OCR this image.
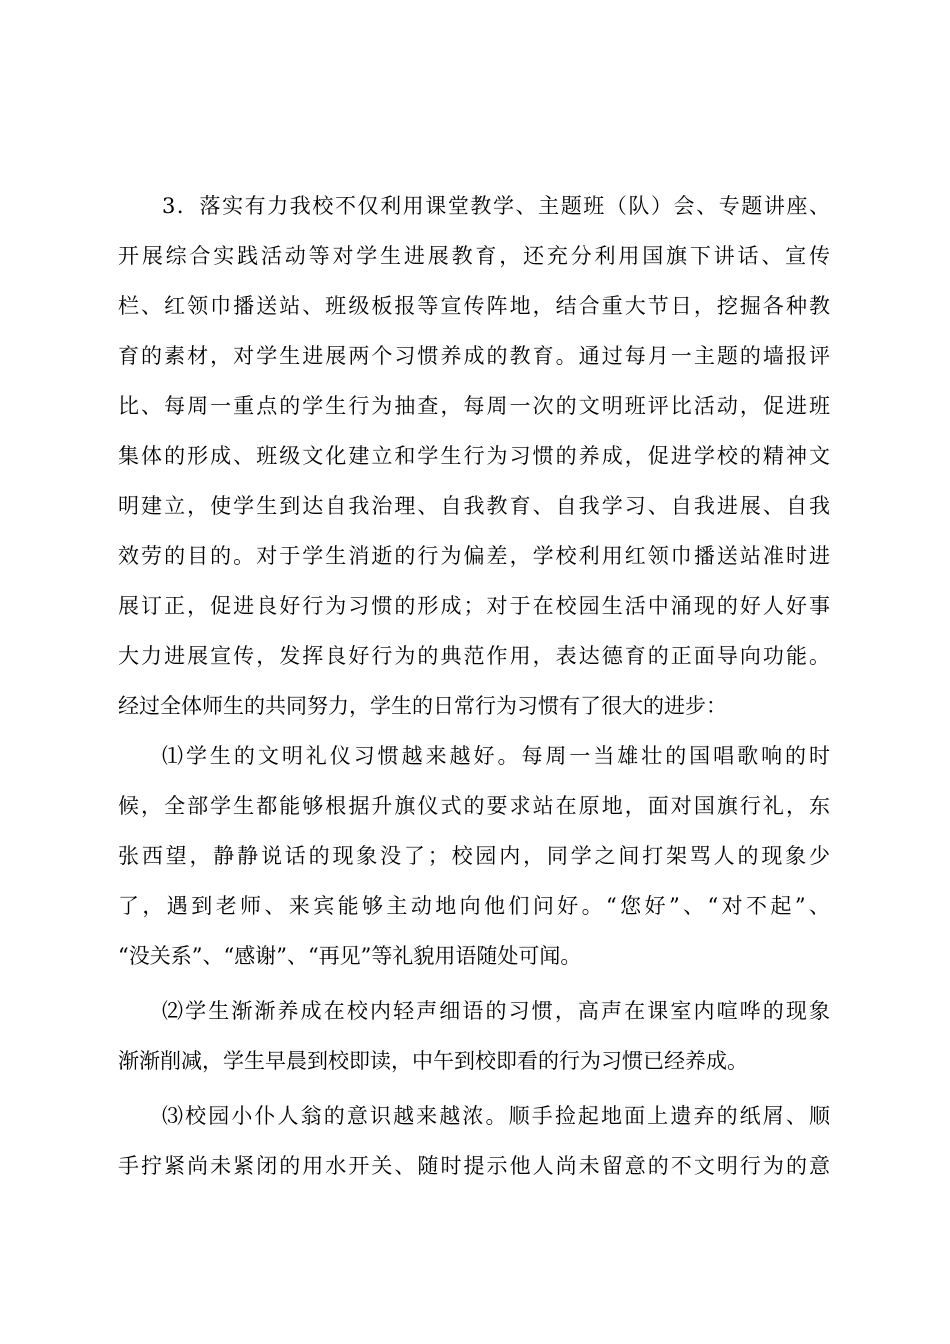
3．落实有力我校不仅利用课堂教学、主题班（队）会、专题讲座、

开展综合实践活动等对学生进展教育，还充分利用国旗下讲话、宣传

栏、红领巾播送站、班级板报等宣传阵地，结合重大节日，挖掘各种教

育的素材，对学生进展两个习惯养成的教育。通过每月一主题的墙报评

比、每周一重点的学生行为抽查，每周一次的文明班评比活动，促进班

集体的形成、班级文化建立和学生行为习惯的养成，促进学校的精神文

明建立，使学生到达自我治理、自我教育、自我学习、自我进展、自我

效劳的目的。对于学生消逝的行为偏差，学校利用红领巾播送站准时进

展订正，促进良好行为习惯的形成；对于在校园生活中涌现的好人好事

大力进展宣传，发挥良好行为的典范作用，表达德育的正面导向功能。

经过全体师生的共同努力，学生的日常行为习惯有了很大的进步：

⑴学生的文明礼仪习惯越来越好。每周一当雄壮的国唱歌响的时

候，全部学生都能够根据升旗仪式的要求站在原地，面对国旗行礼，东

张西望，静静说话的现象没了；校园内，同学之间打架骂人的现象少

了，遇到老师、来宾能够主动地向他们问好。“您好”、“对不起”、

“没关系”、“感谢”、“再见”等礼貌用语随处可闻。

⑵学生渐渐养成在校内轻声细语的习惯，高声在课室内喧哗的现象

渐渐削减，学生早晨到校即读，中午到校即看的行为习惯已经养成。

⑶校园小仆人翁的意识越来越浓。顺手捡起地面上遗弃的纸屑、顺

手拧紧尚未紧闭的用水开关、随时提示他人尚未留意的不文明行为的意
